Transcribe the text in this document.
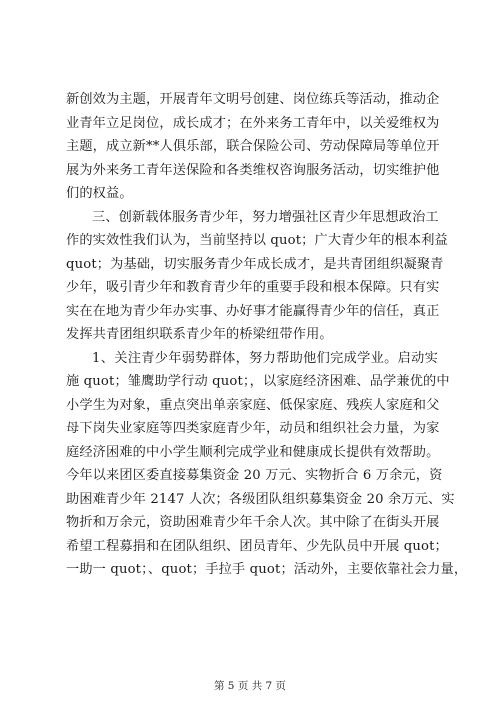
新创效为主题，开展青年文明号创建、岗位练兵等活动，推动企
业青年立足岗位，成长成才；在外来务工青年中，以关爱维权为
主题，成立新**人俱乐部，联合保险公司、劳动保障局等单位开
展为外来务工青年送保险和各类维权咨询服务活动，切实维护他
们的权益。
三、创新载体服务青少年，努力增强社区青少年思想政治工
作的实效性我们认为，当前坚持以 quot；广大青少年的根本利益
quot；为基础，切实服务青少年成长成才，是共青团组织凝聚青
少年，吸引青少年和教育青少年的重要手段和根本保障。只有实
实在在地为青少年办实事、办好事才能赢得青少年的信任，真正
发挥共青团组织联系青少年的桥梁纽带作用。
1、关注青少年弱势群体，努力帮助他们完成学业。启动实
施 quot；雏鹰助学行动 quot；，以家庭经济困难、品学兼优的中
小学生为对象，重点突出单亲家庭、低保家庭、残疾人家庭和父
母下岗失业家庭等四类家庭青少年，动员和组织社会力量，为家
庭经济困难的中小学生顺利完成学业和健康成长提供有效帮助。
今年以来团区委直接募集资金 20 万元、实物折合 6 万余元，资
助困难青少年 2147 人次；各级团队组织募集资金 20 余万元、实
物折和万余元，资助困难青少年千余人次。其中除了在街头开展
希望工程募捐和在团队组织、团员青年、少先队员中开展 quot；
一助一 quot；、quot；手拉手 quot；活动外，主要依靠社会力量，
第 5 页 共 7 页
